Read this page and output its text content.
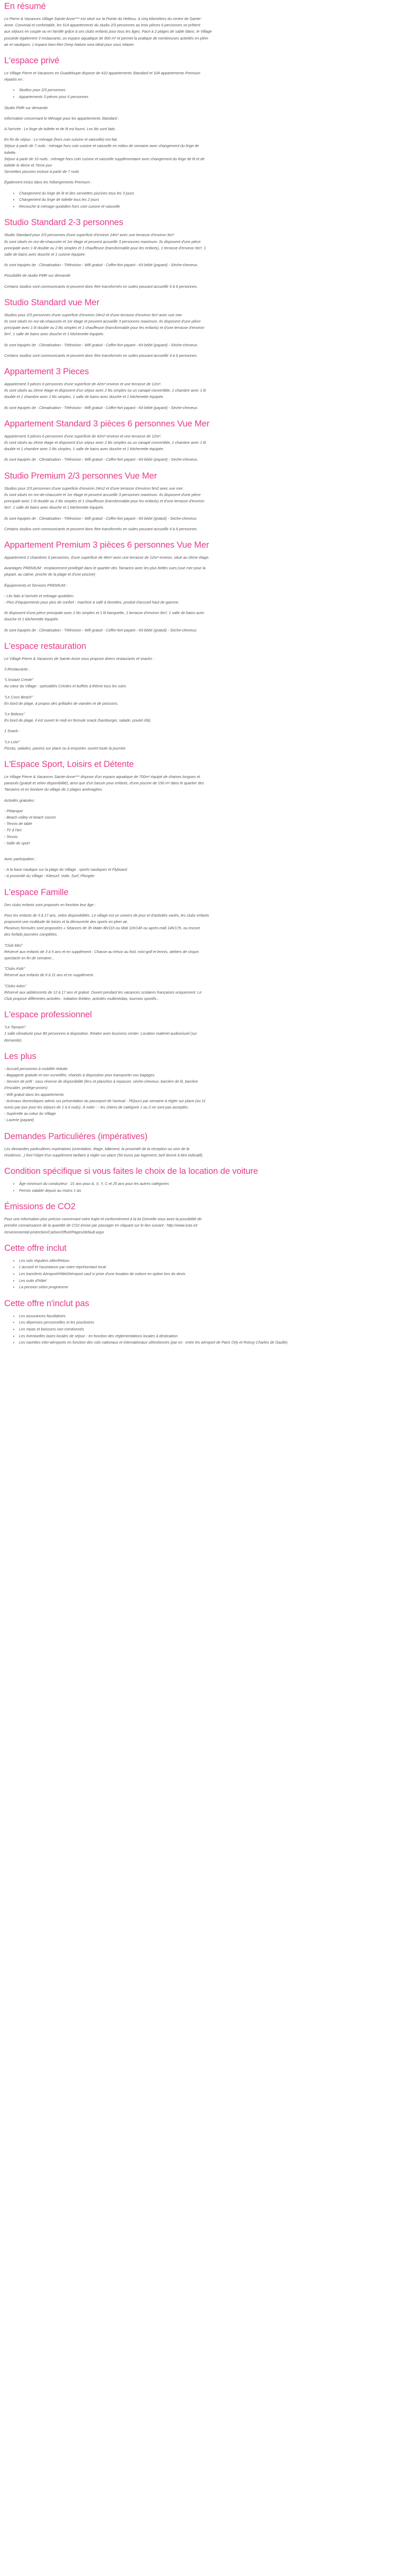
En résumé

Le Pierre & Vacances Village Sainte-Anne*** est situé sur la Pointe du Helleux, à cinq kilomètres du centre de Sainte-
Anne. Convivial et confortable, les 514 appartements du studio 2/3 personnes au trois pièces 6 personnes se prêtent
aux séjours en couple ou en famille grâce à ses clubs enfants pour tous les âges. Face à 2 plages de sable blanc, le Village
possède également 3 restaurants, un espace aquatique de 900 m² et permet la pratique de nombreuses activités en plein
air et nautiques. L'espace bien-être Deep Nature sera idéal pour vous relaxer.

L'espace privé

Le Village Pierre et Vacances en Guadeloupe dispose de 410 appartements Standard et 104 appartements Premium
répartis en :

• Studios pour 2/3 personnes
• Appartements 3 pièces pour 6 personnes

Studio PMR sur demande.

Information concernant le Ménage pour les appartements Standard :

A l'arrivée : Le linge de toilette et de lit est fourni. Les lits sont faits.

En fin de séjour : Le ménage (hors coin cuisine et vaisselle) est fait.
Séjour à partir de 7 nuits : ménage hors coin cuisine et vaisselle en milieu de semaine avec changement du linge de
toilette.
Séjour à partir de 10 nuits : ménage hors coin cuisine et vaisselle supplémentaire avec changement du linge de lit et de
toilette le 4ème et 7ème jour
Serviettes piscines incluse à partir de 7 nuits

Également inclus dans les hébergements Premium :

• Changement du linge de lit et des serviettes piscines tous les 3 jours
• Changement du linge de toilette tous les 2 jours
• Recouche & ménage quotidien hors coin cuisine et vaisselle
Studio Standard 2-3 personnes

Studio Standard pour 2/3 personnes d'une superficie d'environ 24m² avec une terrasse d'environ 9m².
Ils sont situés en rez-de-chaussée et 1er étage et peuvent accueillir 3 personnes maximum. Ils disposent d'une pièce
principale avec 1 lit double ou 2 lits simples et 1 chauffeuse (transformable pour les enfants), 1 terrasse d'environ 9m², 1
salle de bains avec douche et 1 cuisine équipée.

Ils sont équipés de : Climatisation - Télévision - Wifi gratuit - Coffre-fort payant - Kit bébé (payant) - Sèche-cheveux.

Possibilité de studio PMR sur demande

Certains studios sont communicants et peuvent donc être transformés en suites pouvant accueillir 4 à 6 personnes.

Studio Standard vue Mer

Studios pour 2/3 personnes d'une superficie d'environ 24m2 et d'une terrasse d'environ 9m² avec vue mer.
Ils sont situés en rez-de-chaussée et 1er étage et peuvent accueillir 3 personnes maximum. Ils disposent d'une pièce
principale avec 1 lit double ou 2 lits simples et 1 chauffeuse (transformable pour les enfants) et d'une terrasse d'environ
9m², 1 salle de bains avec douche et 1 kitchenette équipée.

Ils sont équipés de : Climatisation - Télévision - Wifi gratuit - Coffre-fort payant - Kit bébé (payant) - Sèche-cheveux.

Certains studios sont communicants et peuvent donc être transformés en suites pouvant accueillir 4 à 6 personnes.

Appartement 3 Pieces

Appartement 3 pièces 6 personnes d'une superficie de 42m² environ et une terrasse de 12m².
Ils sont situés au 2ème étage et disposent d'un séjour avec 2 lits simples ou un canapé convertible, 1 chambre avec 1 lit
double et 1 chambre avec 2 lits simples, 1 salle de bains avec douche et 1 kitchenette équipée.

Ils sont équipés de : Climatisation - Télévision - Wifi gratuit - Coffre-fort payant - Kit bébé (payant) - Sèche-cheveux.

Appartement Standard 3 pièces 6 personnes Vue Mer

Appartement 3 pièces 6 personnes d'une superficie de 42m² environ et une terrasse de 12m².
Ils sont situés au 2ème étage et disposent d'un séjour avec 2 lits simples ou un canapé convertible, 1 chambre avec 1 lit
double et 1 chambre avec 2 lits simples, 1 salle de bains avec douche et 1 kitchenette équipée.

Ils sont équipés de : Climatisation - Télévision - Wifi gratuit - Coffre-fort payant - Kit bébé (payant) - Sèche-cheveux.

Studio Premium 2/3 personnes Vue Mer

Studios pour 2/3 personnes d'une superficie d'environ 24m2 et d'une terrasse d'environ 9m2 avec vue mer.
Ils sont situés en rez-de-chaussée et 1er étage et peuvent accueillir 3 personnes maximum. Ils disposent d'une pièce
principale avec 1 lit double ou 2 lits simples et 1 chauffeuse (transformable pour les enfants) et d'une terrasse d'environ
9m², 1 salle de bains avec douche et 1 kitchenette équipée.

Ils sont équipés de : Climatisation - Télévision - Wifi gratuit - Coffre-fort payant - Kit bébé (gratuit) - Sèche-cheveux.

Certains studios sont communicants et peuvent donc être transformés en suites pouvant accueillir 4 à 6 personnes.

Appartement Premium 3 pièces 6 personnes Vue Mer

Appartement 2 chambres 6 personnes, d'une superficie de 46m² avec une terrasse de 12m² environ, situé au 2ème étage.

Avantages PREMIUM : emplacement privilégié dans le quartier des Tamarins avec les plus belles vues (vue mer pour la
plupart, au calme, proche de la plage et d'une piscine)

Équipements et Services PREMIUM :

- Lits faits à l'arrivée et ménage quotidien.
- Plus d'équipements pour plus de confort : machine à café à dosettes, produit d'accueil haut de gamme.

Ils disposent d'une pièce principale avec 2 lits simples et 1 lit banquette, 1 terrasse d'environ 9m², 1 salle de bains avec
douche et 1 kitchenette équipée.

Ils sont équipés de : Climatisation - Télévision - Wifi gratuit - Coffre-fort payant - Kit bébé (gratuit) - Sèche-cheveux.

L'espace restauration

Le Village Pierre & Vacances de Sainte Anne vous propose divers restaurants et snacks :

3 Restaurants :

"L'Instant Créole"
Au cœur du Village : spécialités Créoles et buffets à thème tous les soirs

"Le Coco Beach"
En bord de plage, à propos des grillades de viandes et de poissons.

"Le Boboss"
En bord de plage, il est ouvert le midi en formule snack (hamburger, salade, poulet rôti).

1 Snack :

"Le Loïo"
Pizzas, salades, paninis sur place ou à emporter, ouvert toute la journée

L'Espace Sport, Loisirs et Détente

Le Village Pierre & Vacances Sainte-Anne*** dispose d'un espace aquatique de 700m² équipé de chaises longues et
parasols (gratuit et selon disponibilité), ainsi que d'un bassin pour enfants, d'une piscine de 150 m² dans le quartier des
Tamarins et en bordure du village de 2 plages aménagées.

Activités gratuites :

- Pétanque
- Beach volley et beach soccer
- Tennis de table
- Tir à l'arc
- Tennis
- Salle de sport

Avec participation :

- A la base nautique sur la plage du Village : sports nautiques et Flyboard
- A proximité du Village : Kitesurf, Voile, Surf, Plongée

L'espace Famille

Des clubs enfants sont proposés en fonction leur âge :

Pour les enfants de 3 à 17 ans, selon disponibilités. Le village est un univers de jeux et d'activités variés, les clubs enfants
proposent une multitude de loisirs et la découverte des sports en plein air.
Plusieurs formules sont proposées « Séances de 3h Matin 8h/11h ou Midi 11h/14h ou après-midi 14h/17h, ou encore
des forfaits journées complètes.

"Club Mini"
Réservé aux enfants de 3 à 5 ans et en supplément : Chasse au trésor au fool, mini-golf et tennis, ateliers de cirque,
spectacle en fin de semaine...

"Clubs Kids"
Réservé aux enfants de 6 à 11 ans et en supplément.

"Clubs Ados"
Réservé aux adolescents de 12 à 17 ans et gratuit. Ouvert pendant les vacances scolaires françaises uniquement. Le
Club propose différentes activités : initiation théâtre, activités multimédias, tournois sportifs...

L'espace professionnel

"Le Tamarin"
1 salle climatisée pour 80 personnes à disposition, théatre avec business center. Location matériel audiovisuel (sur
demande).

Les plus

- Accueil personnes à mobilité réduite.
- Bagagerie gratuite et non surveillée, chariots à disposition pour transporter vos bagages.
- Service de prêt : sous réserve de disponibilité (fers et planches à repasser, sèche-cheveux, barrière de lit, barrière
d'escalier, protège-prises)
- Wifi gratuit dans les appartements
- Animaux domestiques admis sur présentation du passeport de l'animal : 7€/jours par semaine à régler sur place (ou 11
euros par jour pour les séjours de 1 à 6 nuits). À noter : - les chiens de catégorie 1 ou 2 ne sont pas acceptés.
- Supérette au cœur du Village
- Laverie (payant)

Demandes Particulières (impératives)

Les demandes particulières impératives (orientation, étage, bâtiment, la proximité de la réception ou sein de la
résidence...) font l'objet d'un supplément tarifaire à régler sur place (50 euros par logement, tarif donné à titre indicatif).

Condition spécifique si vous faites le choix de la location de voiture
• Âge minimum du conducteur : 21 ans pour A, X, Y, C et 25 ans pour les autres catégories
• Permis valable depuis au moins 1 an.
Émissions de CO2

Pour une information plus précise concernant votre trajet et conformément à la loi Grenelle vous avez la possibilité de
prendre connaissance de la quantité de CO2 émise par passager en cliquant sur le lien suivant : http://www.icao.int
/environmental-protection/CarbonOffset/Pages/default.aspx

Cette offre inclut
• Les vols réguliers Aller/Retour
• L'accueil et l'assistance par notre représentant local
• Les transferts Aéroport/Hôtel/Aéroport sauf si prise d'une location de voiture en option lors du devis
• Les nuits d'hôtel
• La pension selon programme
Cette offre n'inclut pas
• Les assurances facultatives
• Les dépenses personnelles et les pourboires
• Les repas et boissons non mentionnés
• Les éventuelles taxes locales de séjour - en fonction des réglementations locales à destination
• Les navettes inter-aéroports en fonction des vols nationaux et internationaux sélectionnés (par ex : entre les aéroport de Paris Orly et Roissy Charles de Gaulle)
